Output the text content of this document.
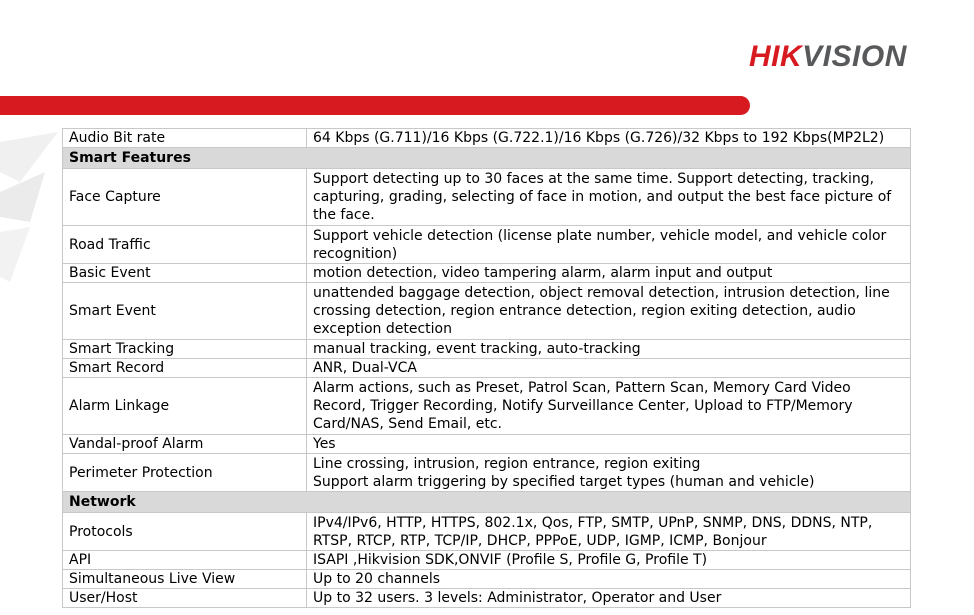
HIKVISION
Audio Bit rate	64 Kbps (G.711)/16 Kbps (G.722.1)/16 Kbps (G.726)/32 Kbps to 192 Kbps(MP2L2)
Smart Features	
Face Capture	Support detecting up to 30 faces at the same time. Support detecting, tracking, capturing, grading, selecting of face in motion, and output the best face picture of the face.
Road Traffic	Support vehicle detection (license plate number, vehicle model, and vehicle color recognition)
Basic Event	motion detection, video tampering alarm, alarm input and output
Smart Event	unattended baggage detection, object removal detection, intrusion detection, line crossing detection, region entrance detection, region exiting detection, audio exception detection
Smart Tracking	manual tracking, event tracking, auto-tracking
Smart Record	ANR, Dual-VCA
Alarm Linkage	Alarm actions, such as Preset, Patrol Scan, Pattern Scan, Memory Card Video Record, Trigger Recording, Notify Surveillance Center, Upload to FTP/Memory Card/NAS, Send Email, etc.
Vandal-proof Alarm	Yes
Perimeter Protection	Line crossing, intrusion, region entrance, region exiting
Support alarm triggering by specified target types (human and vehicle)

Network	
Protocols	IPv4/IPv6, HTTP, HTTPS, 802.1x, Qos, FTP, SMTP, UPnP, SNMP, DNS, DDNS, NTP, RTSP, RTCP, RTP, TCP/IP, DHCP, PPPoE, UDP, IGMP, ICMP, Bonjour
API	ISAPI ,Hikvision SDK,ONVIF (Profile S, Profile G, Profile T)
Simultaneous Live View	Up to 20 channels
User/Host	Up to 32 users. 3 levels: Administrator, Operator and User
